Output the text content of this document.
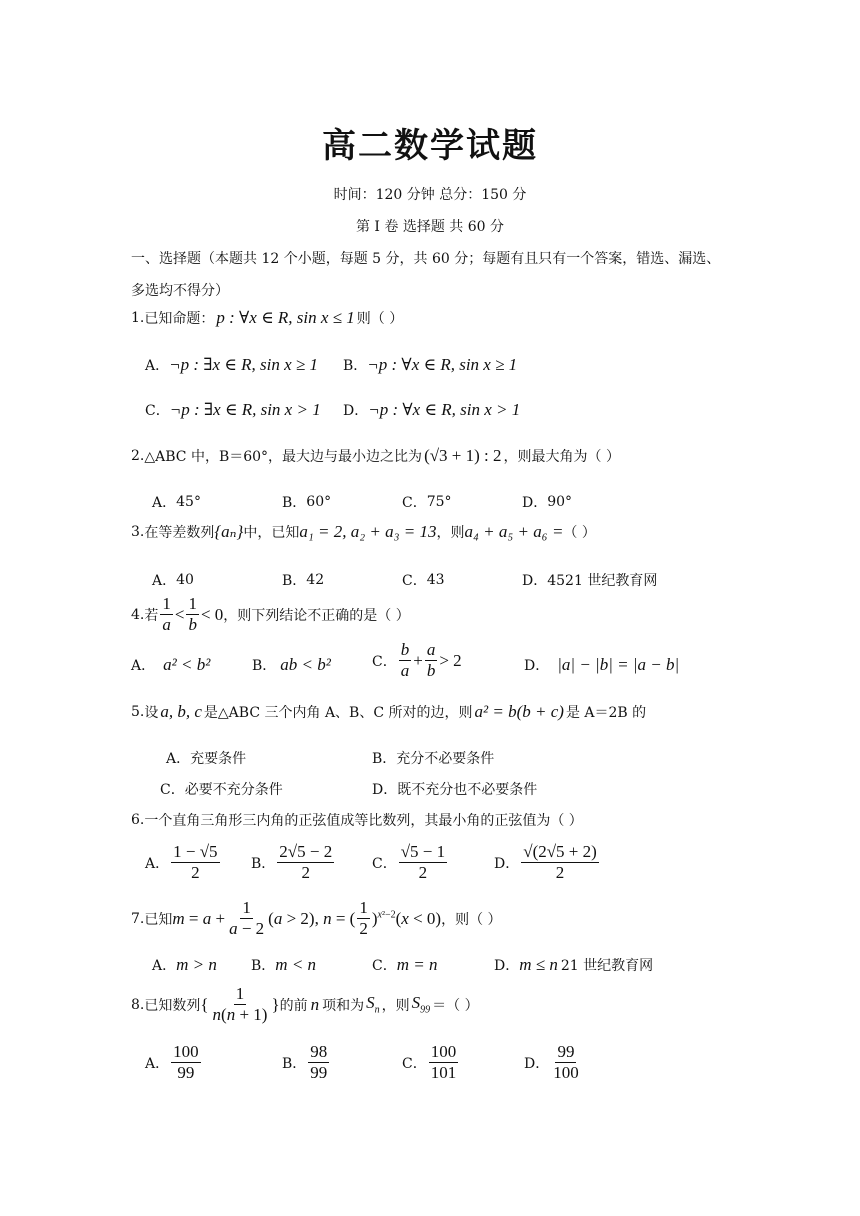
高二数学试题
时间：120 分钟 总分：150 分
第 I 卷 选择题 共 60 分
一、选择题（本题共 12 个小题，每题 5 分，共 60 分；每题有且只有一个答案，错选、漏选、
多选均不得分）
1. 已知命题： p : ∀x ∈ R, sin x ≤ 1 则（ ）
A． ¬p : ∃x ∈ R, sin x ≥ 1 B． ¬p : ∀x ∈ R, sin x ≥ 1
C． ¬p : ∃x ∈ R, sin x > 1 D． ¬p : ∀x ∈ R, sin x > 1
2. △ABC 中，B＝60°，最大边与最小边之比为 (√3 + 1) : 2 ，则最大角为（ ）
A． 45°	B． 60°	C． 75°	D． 90°
3. 在等差数列 {aₙ} 中，已知 a₁ = 2, a₂ + a₃ = 13 ，则 a₄ + a₅ + a₆ = （ ）
A． 40	B． 42	C． 43	D． 4521 世纪教育网
4. 若 $\frac{1}{a} < \frac{1}{b} < 0$ ，则下列结论不正确的是（ ）
A． a² < b²	B． ab < b²	C． $\frac{b}{a} + \frac{a}{b} > 2$	D． |a| − |b| = |a − b|
5. 设 a, b, c 是△ABC 三个内角 A、B、C 所对的边，则 a² = b(b + c) 是 A＝2B 的
A． 充要条件	B． 充分不必要条件
C． 必要不充分条件	D． 既不充分也不必要条件
6. 一个直角三角形三内角的正弦值成等比数列，其最小角的正弦值为（ ）
A． $\frac{1 - √5}{2}$ B． $\frac{2√5 - 2}{2}$	C． $\frac{√5 - 1}{2}$	D． $\frac{√(2√5 + 2)}{2}$
7. 已知 $m = a + \frac{1}{a - 2} (a > 2)$, n = ( $\frac{1}{2} )^{x^2-2}(x < 0)$ ，则（ ）
A． m > n B． m < n	C． m = n	D． m ≤ n 21 世纪教育网
8. 已知数列 { $\frac{1}{n(n + 1)}$ } 的前 n 项和为 $S_n$ ，则 $S_{99}$ ＝（ ）
A． $\frac{100}{99}$	B． $\frac{98}{99}$	C． $\frac{100}{101}$	D． $\frac{99}{100}$
